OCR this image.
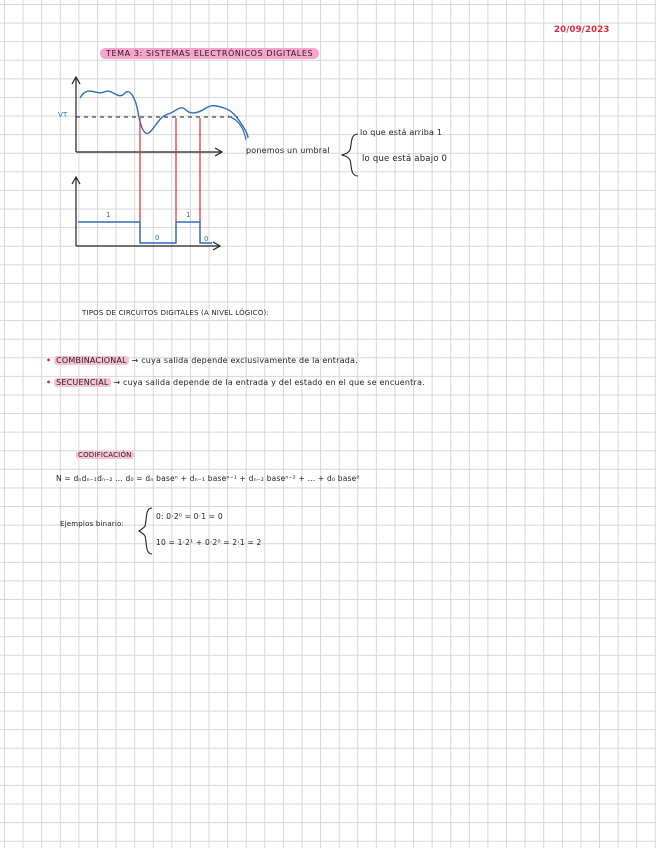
20/09/2023
TEMA 3: SISTEMAS ELECTRÓNICOS DIGITALES
VT
1
0
1
0
ponemos un umbral
lo que está arriba 1
lo que está abajo 0
TIPOS DE CIRCUITOS DIGITALES (A NIVEL LÓGICO):
• COMBINACIONAL → cuya salida depende exclusivamente de la entrada.
• SECUENCIAL → cuya salida depende de la entrada y del estado en el que se encuentra.
CODIFICACIÓN
N = dₙdₙ₋₁dₙ₋₂ ... d₀ = dₙ baseⁿ + dₙ₋₁ baseⁿ⁻¹ + dₙ₋₂ baseⁿ⁻² + ... + d₀ base⁰
Ejemplos binario:
0: 0·2⁰ = 0·1 = 0
10 = 1·2¹ + 0·2⁰ = 2·1 = 2
